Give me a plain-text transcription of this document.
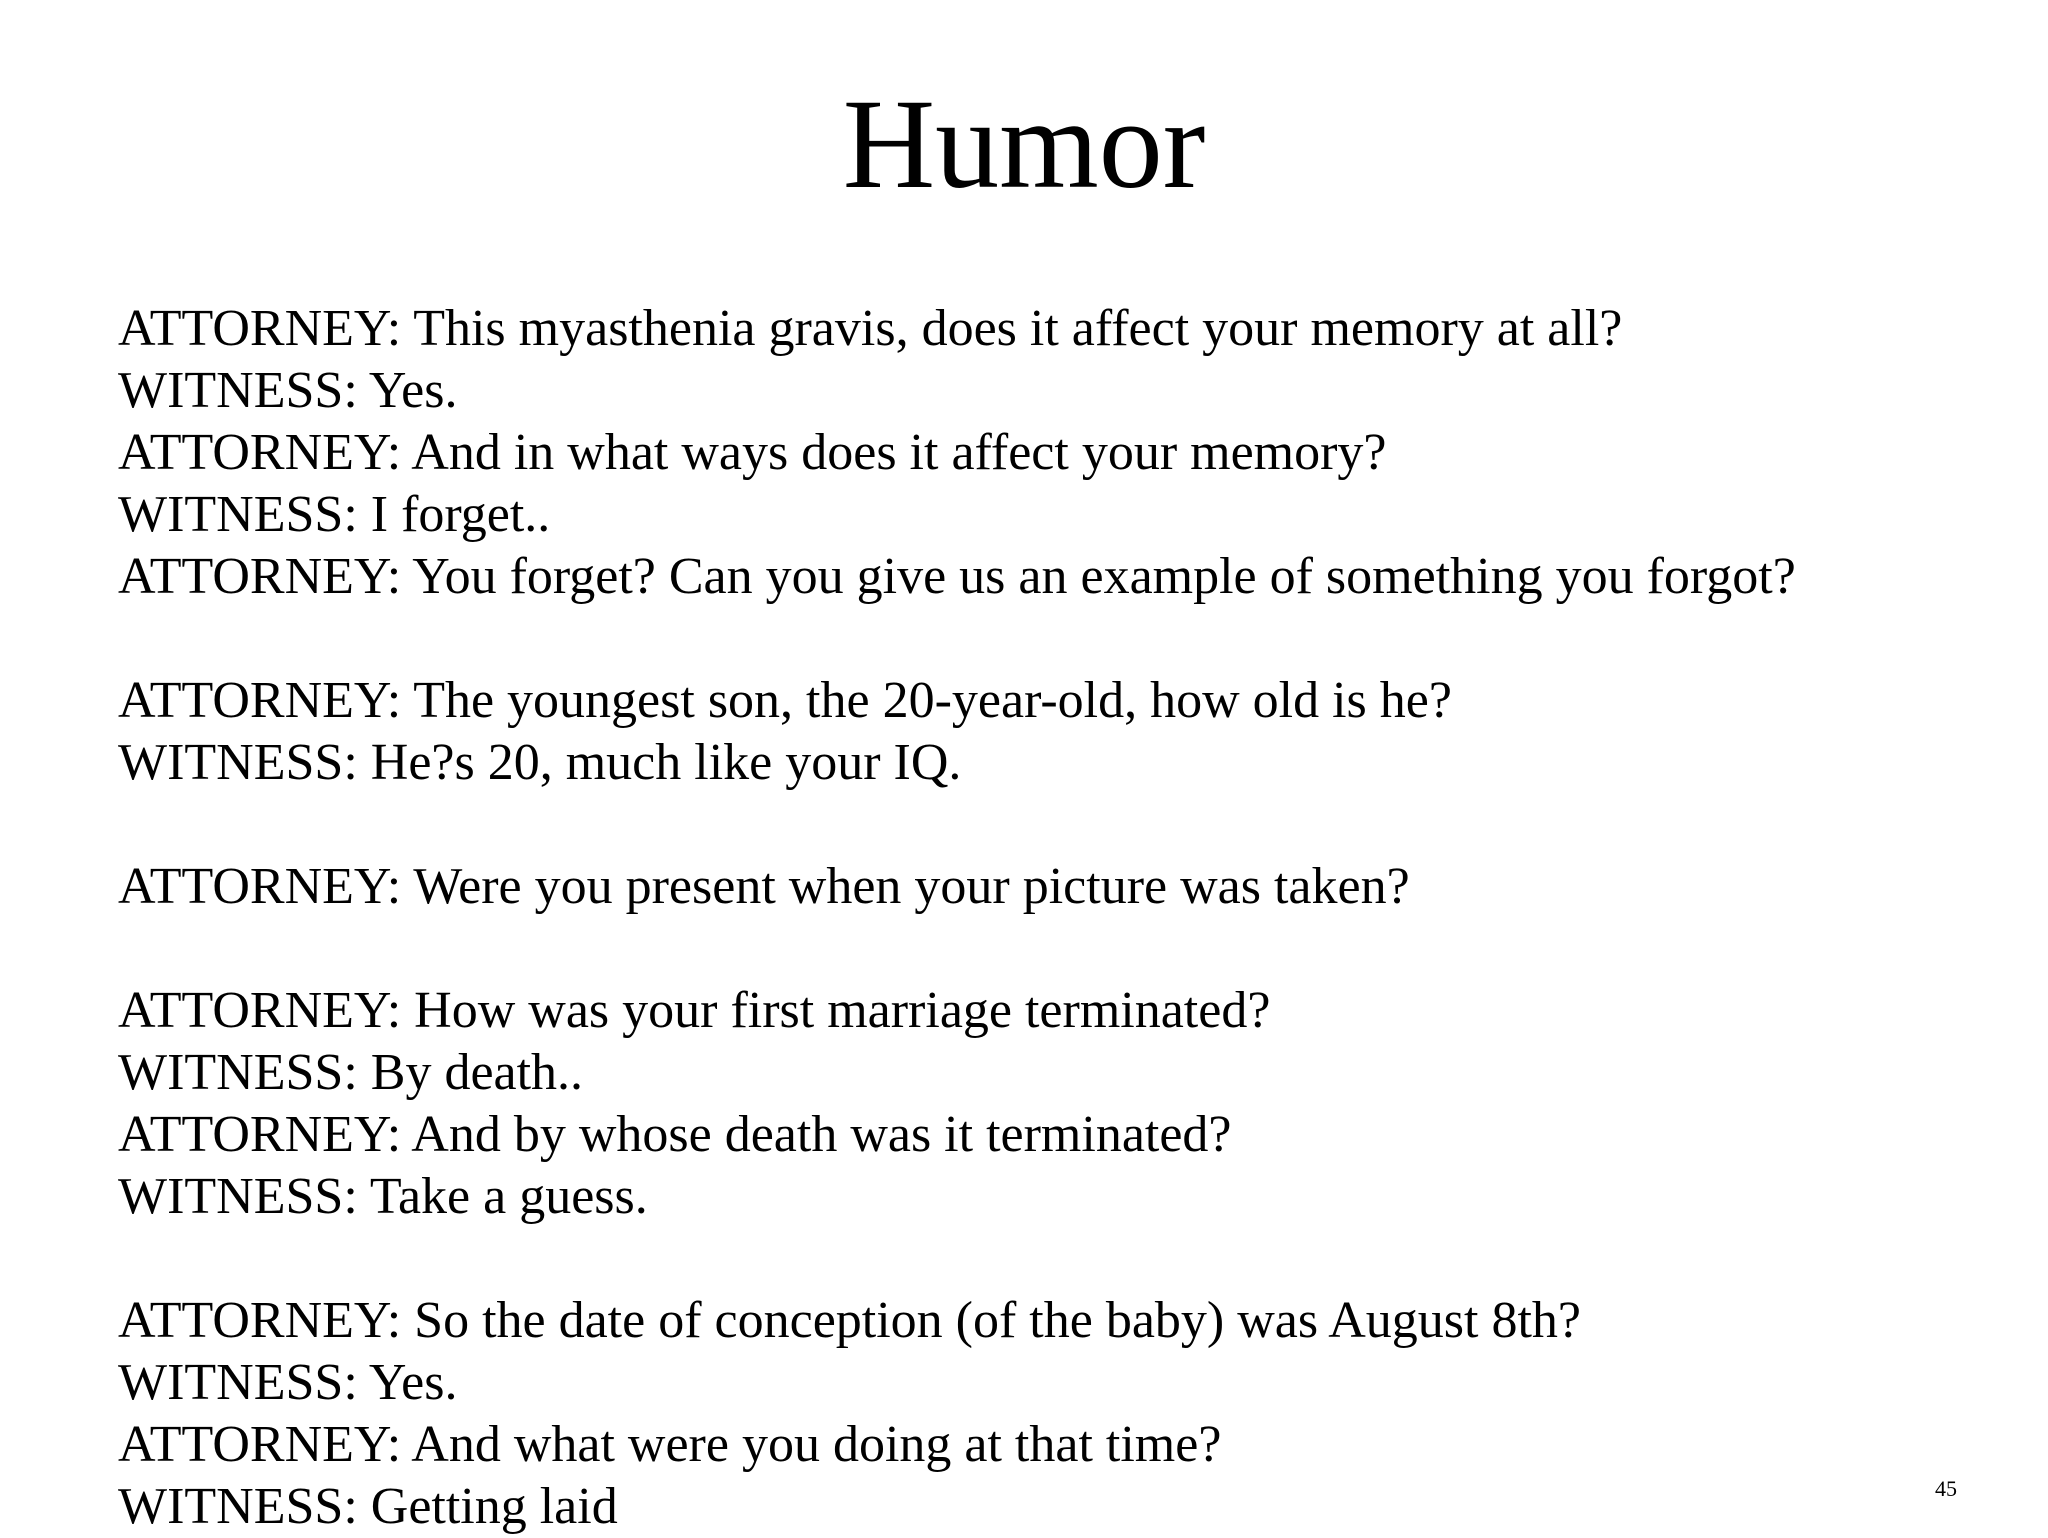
Humor
ATTORNEY: This myasthenia gravis, does it affect your memory at all?
WITNESS: Yes.
ATTORNEY: And in what ways does it affect your memory?
WITNESS: I forget..
ATTORNEY: You forget? Can you give us an example of something you forgot?
ATTORNEY: The youngest son, the 20-year-old, how old is he?
WITNESS: He?s 20, much like your IQ.
ATTORNEY: Were you present when your picture was taken?
ATTORNEY: How was your first marriage terminated?
WITNESS: By death..
ATTORNEY: And by whose death was it terminated?
WITNESS: Take a guess.
ATTORNEY: So the date of conception (of the baby) was August 8th?
WITNESS: Yes.
ATTORNEY: And what were you doing at that time?
WITNESS: Getting laid	45
